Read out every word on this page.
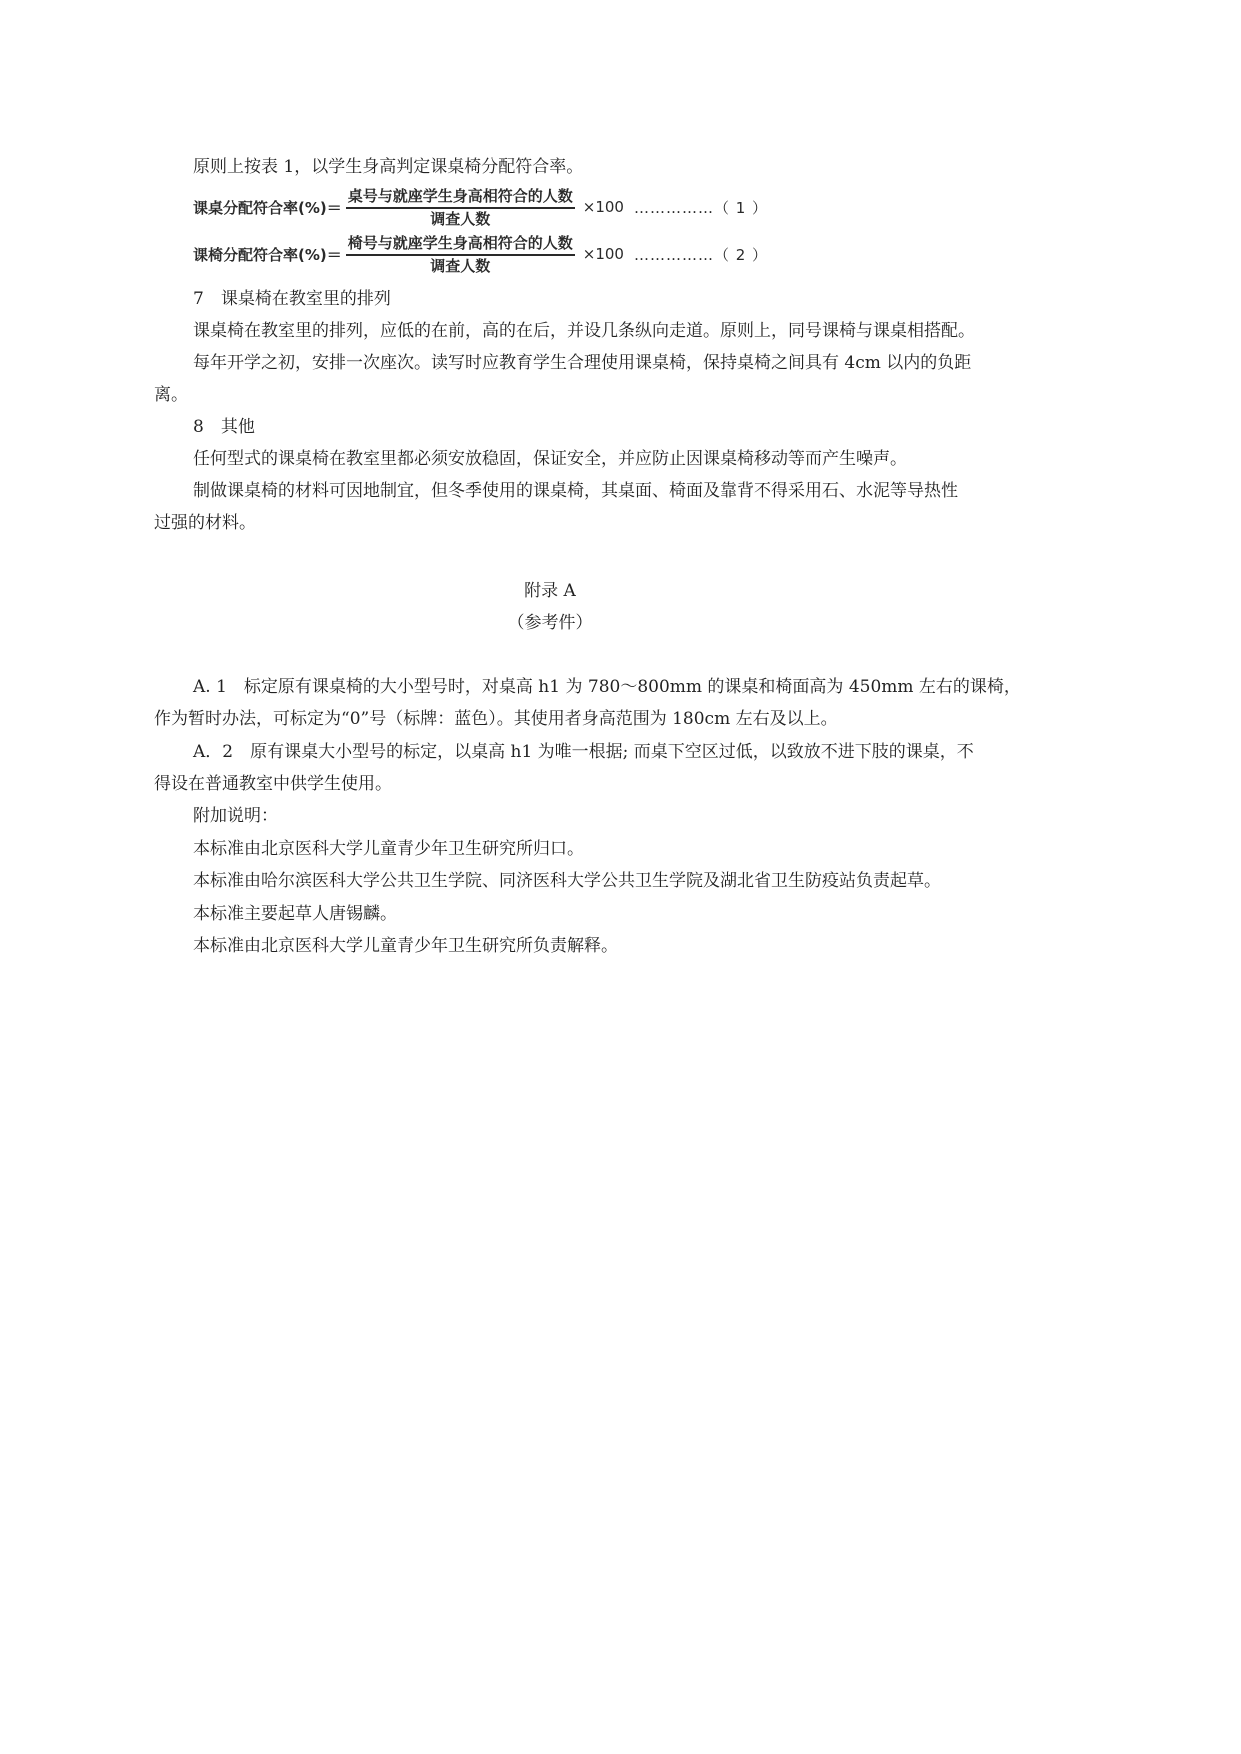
原则上按表 1，以学生身高判定课桌椅分配符合率。
课桌分配符合率(%)＝ $\frac{\text{桌号与就座学生身高相符合的人数}}{\text{调查人数}} \times 100$ ……………（ 1 ）
课椅分配符合率(%)＝ $\frac{\text{椅号与就座学生身高相符合的人数}}{\text{调查人数}} \times 100$ ……………（ 2 ）
7　课桌椅在教室里的排列
课桌椅在教室里的排列，应低的在前，高的在后，并设几条纵向走道。原则上，同号课椅与课桌相搭配。
每年开学之初，安排一次座次。读写时应教育学生合理使用课桌椅，保持桌椅之间具有 4cm 以内的负距
离。
8　其他
任何型式的课桌椅在教室里都必须安放稳固，保证安全，并应防止因课桌椅移动等而产生噪声。
制做课桌椅的材料可因地制宜，但冬季使用的课桌椅，其桌面、椅面及靠背不得采用石、水泥等导热性
过强的材料。
附录 A
（参考件）
A. 1　标定原有课桌椅的大小型号时，对桌高 h1 为 780～800mm 的课桌和椅面高为 450mm 左右的课椅，
作为暂时办法，可标定为“0”号（标牌：蓝色）。其使用者身高范围为 180cm 左右及以上。
A．2　原有课桌大小型号的标定，以桌高 h1 为唯一根据; 而桌下空区过低，以致放不进下肢的课桌，不
得设在普通教室中供学生使用。
附加说明：
本标准由北京医科大学儿童青少年卫生研究所归口。
本标准由哈尔滨医科大学公共卫生学院、同济医科大学公共卫生学院及湖北省卫生防疫站负责起草。
本标准主要起草人唐锡麟。
本标准由北京医科大学儿童青少年卫生研究所负责解释。
